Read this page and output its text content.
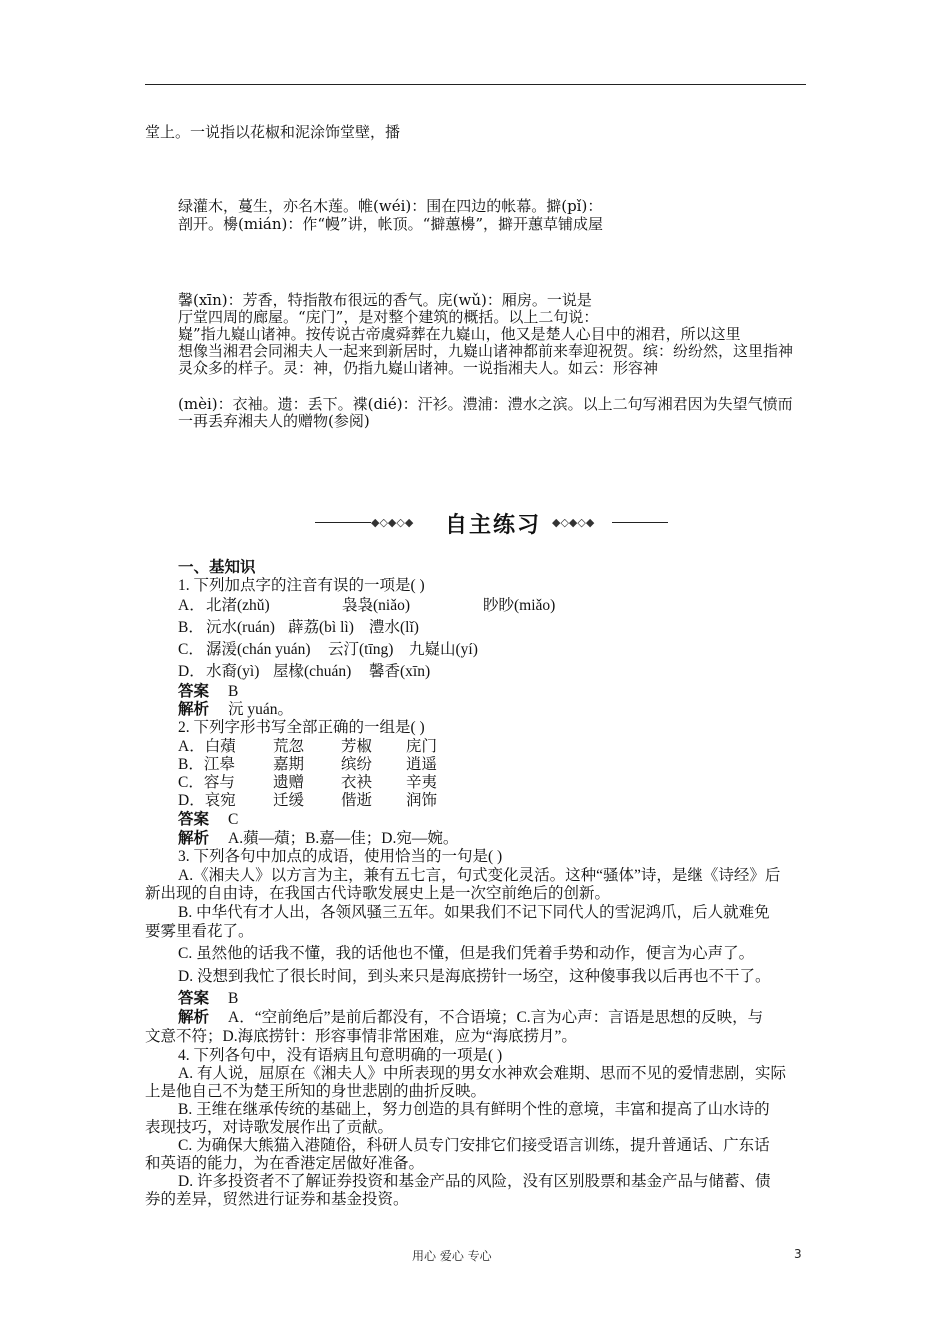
堂上。一说指以花椒和泥涂饰堂壁，播
绿灌木，蔓生，亦名木莲。帷(wéi)：围在四边的帐幕。擗(pǐ)：
剖开。櫋(mián)：作“幔”讲，帐顶。“擗蕙櫋”，擗开蕙草铺成屋
馨(xīn)：芳香，特指散布很远的香气。庑(wǔ)：厢房。一说是
厅堂四周的廊屋。“庑门”，是对整个建筑的概括。以上二句说：
嶷”指九嶷山诸神。按传说古帝虞舜葬在九嶷山，他又是楚人心目中的湘君，所以这里
想像当湘君会同湘夫人一起来到新居时，九嶷山诸神都前来奉迎祝贺。缤：纷纷然，这里指神
灵众多的样子。灵：神，仍指九嶷山诸神。一说指湘夫人。如云：形容神
(mèi)：衣袖。遗：丢下。褋(dié)：汗衫。澧浦：澧水之滨。以上二句写湘君因为失望气愤而
一再丢弃湘夫人的赠物(参阅)
◆◇◆◇◆ 自主练习 ◆◇◆◇◆
一、基知识
1. 下列加点字的注音有误的一项是( )
A． 北渚(zhǔ)	袅袅(niǎo)	眇眇(miǎo)
B． 沅水(ruán) 薜荔(bì lì) 澧水(lǐ)
C． 潺湲(chán yuán) 云汀(tīng) 九嶷山(yí)
D． 水裔(yì) 屋椽(chuán) 馨香(xīn)
答案 B
解析 沅 yuán。
2. 下列字形书写全部正确的一组是( )
A．白薠 荒忽 芳椒 庑门
B．江皋 嘉期 缤纷 逍遥
C．容与 遗赠 衣袂 辛夷
D．哀宛 迁缓 偕逝 润饰
答案 C
解析 A.蘋—薠；B.嘉—佳；D.宛—婉。
3. 下列各句中加点的成语，使用恰当的一句是( )
A.《湘夫人》以方言为主，兼有五七言，句式变化灵活。这种“骚体”诗，是继《诗经》后
新出现的自由诗，在我国古代诗歌发展史上是一次空前绝后的创新。
B. 中华代有才人出，各领风骚三五年。如果我们不记下同代人的雪泥鸿爪，后人就难免
要雾里看花了。
C. 虽然他的话我不懂，我的话他也不懂，但是我们凭着手势和动作，便言为心声了。
D. 没想到我忙了很长时间，到头来只是海底捞针一场空，这种傻事我以后再也不干了。
答案 B
解析 A．“空前绝后”是前后都没有，不合语境；C.言为心声：言语是思想的反映，与
文意不符；D.海底捞针：形容事情非常困难，应为“海底捞月”。
4. 下列各句中，没有语病且句意明确的一项是( )
A. 有人说，屈原在《湘夫人》中所表现的男女水神欢会难期、思而不见的爱情悲剧，实际
上是他自己不为楚王所知的身世悲剧的曲折反映。
B. 王维在继承传统的基础上，努力创造的具有鲜明个性的意境，丰富和提高了山水诗的
表现技巧，对诗歌发展作出了贡献。
C. 为确保大熊猫入港随俗，科研人员专门安排它们接受语言训练，提升普通话、广东话
和英语的能力，为在香港定居做好准备。
D. 许多投资者不了解证券投资和基金产品的风险，没有区别股票和基金产品与储蓄、债
券的差异，贸然进行证券和基金投资。
用心 爱心 专心	3
